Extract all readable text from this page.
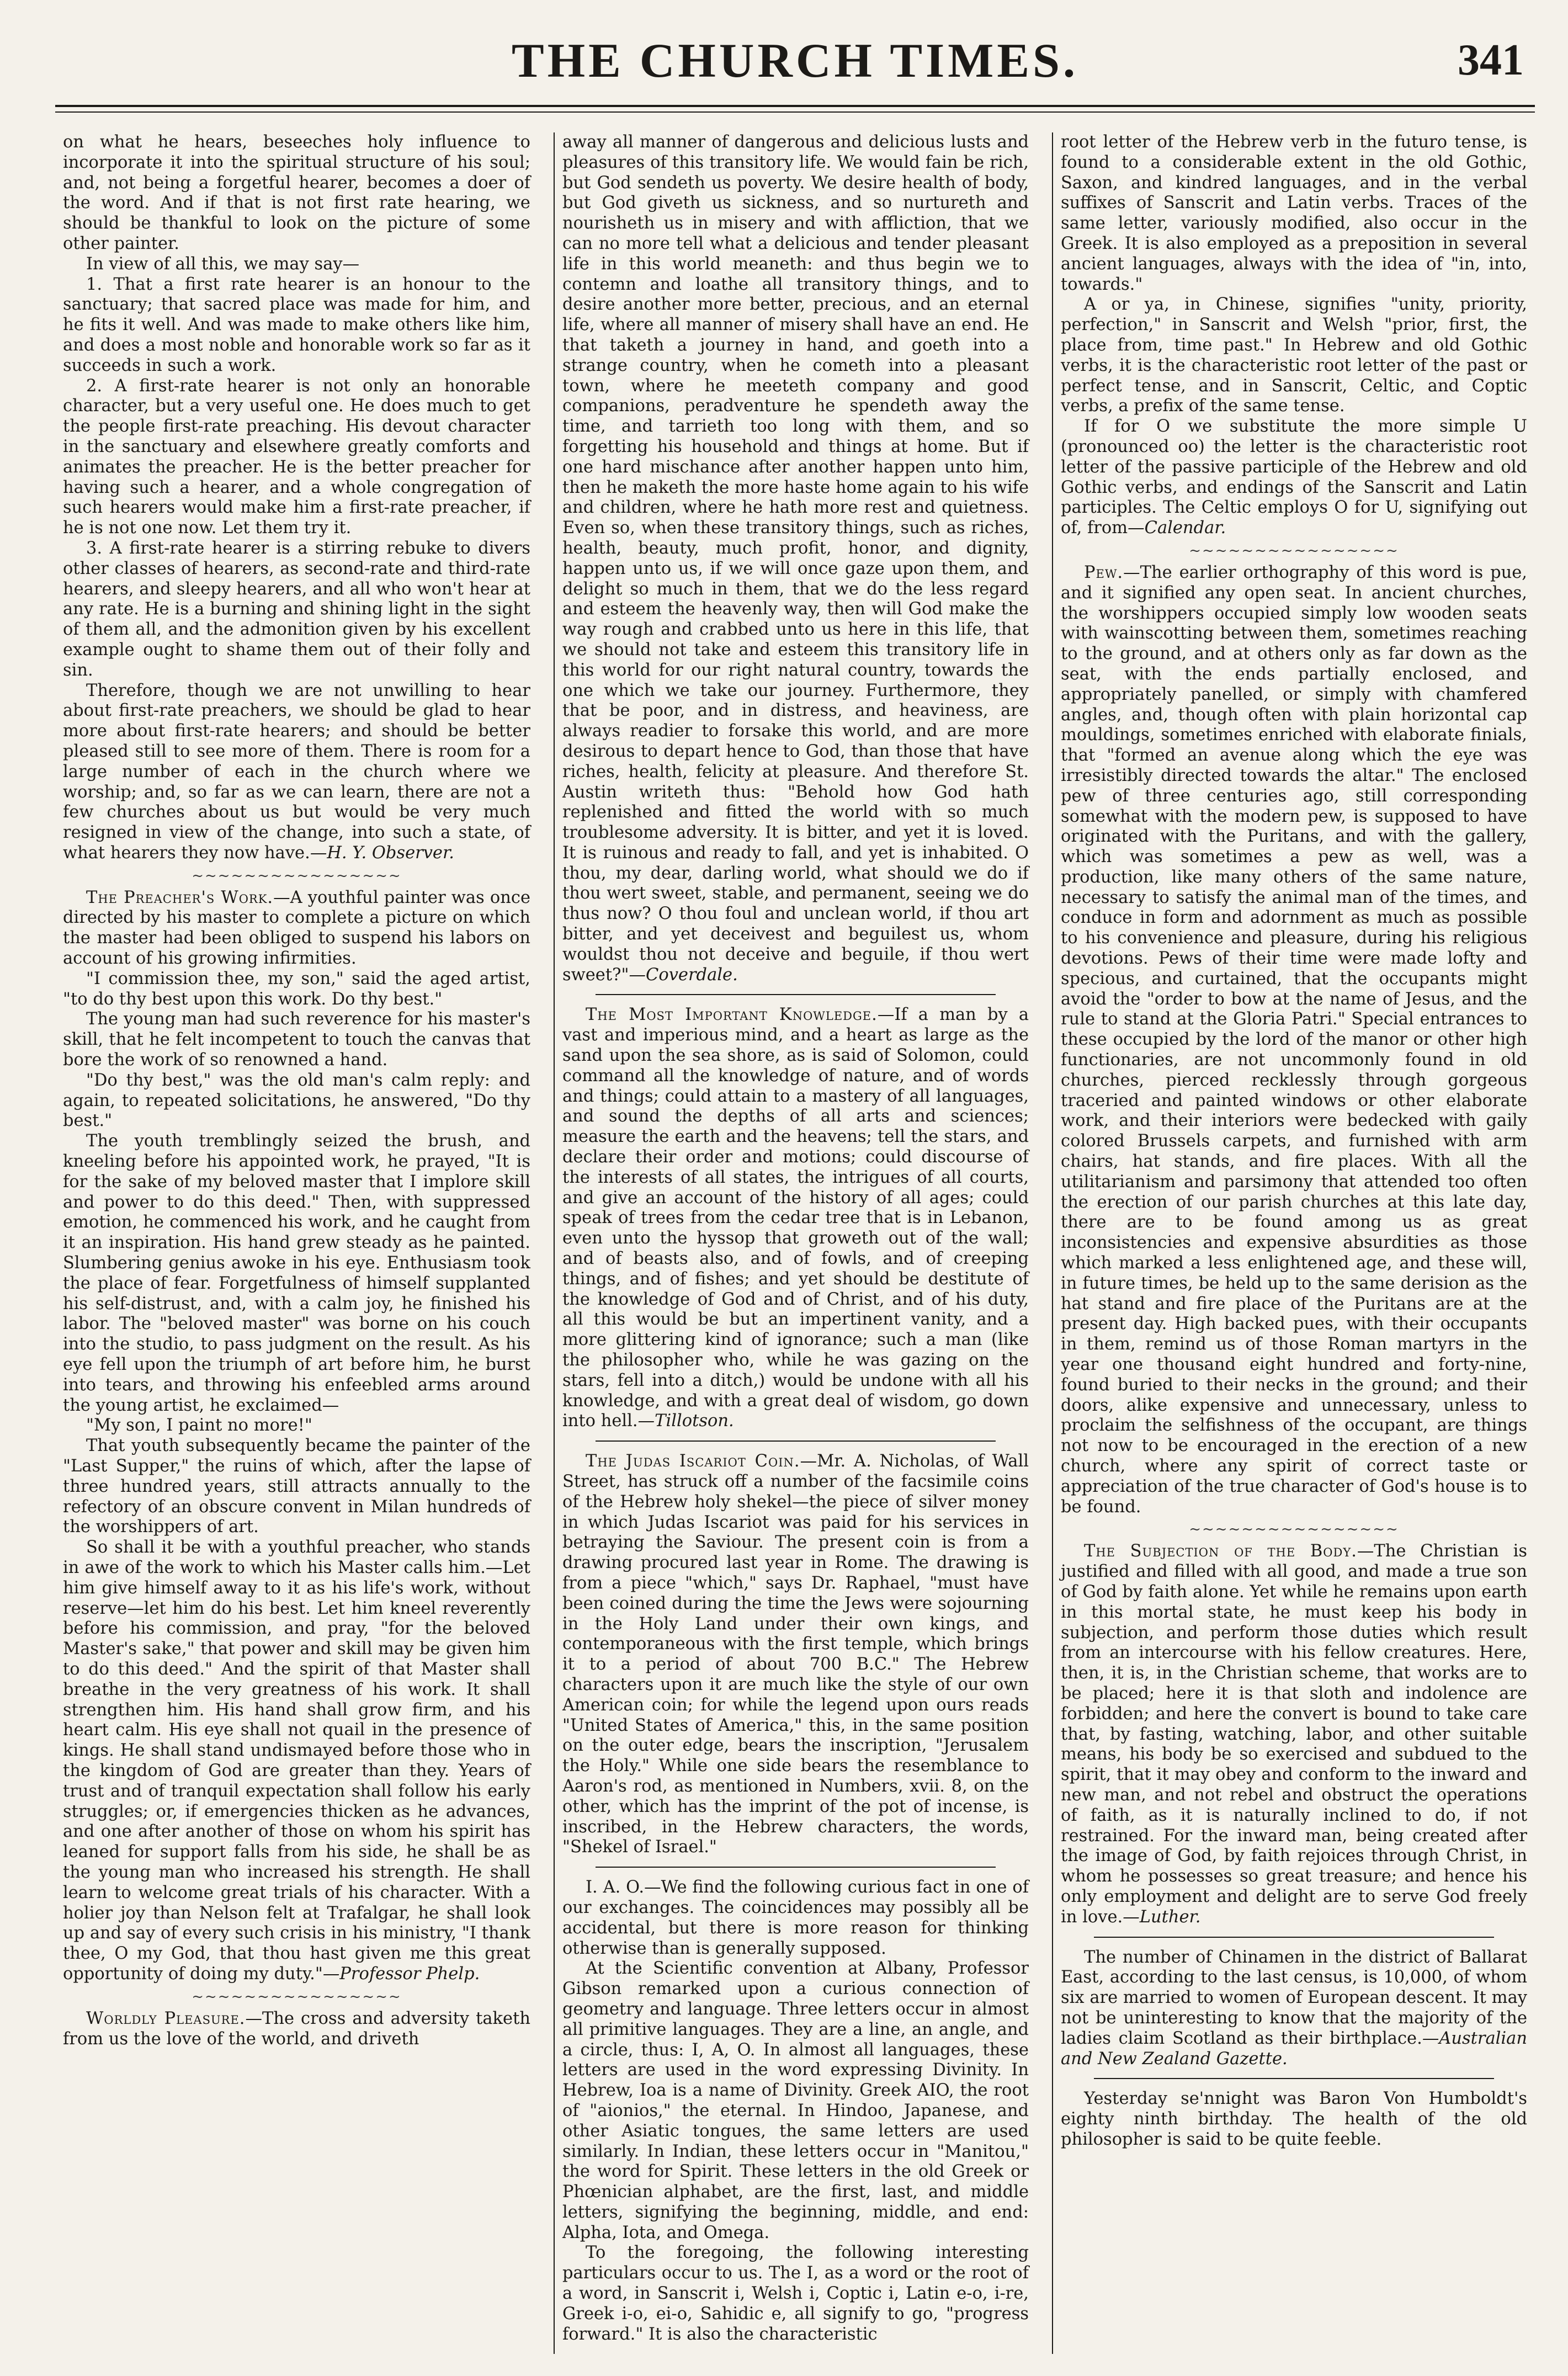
THE CHURCH TIMES.	341

on what he hears, beseeches holy influence to incorporate it into the spiritual structure of his soul; and, not being a forgetful hearer, becomes a doer of the word. And if that is not first rate hearing, we should be thankful to look on the picture of some other painter.

In view of all this, we may say—

1. That a first rate hearer is an honour to the sanctuary; that sacred place was made for him, and he fits it well. And was made to make others like him, and does a most noble and honorable work so far as it succeeds in such a work.

2. A first-rate hearer is not only an honorable character, but a very useful one. He does much to get the people first-rate preaching. His devout character in the sanctuary and elsewhere greatly comforts and animates the preacher. He is the better preacher for having such a hearer, and a whole congregation of such hearers would make him a first-rate preacher, if he is not one now. Let them try it.

3. A first-rate hearer is a stirring rebuke to divers other classes of hearers, as second-rate and third-rate hearers, and sleepy hearers, and all who won't hear at any rate. He is a burning and shining light in the sight of them all, and the admonition given by his excellent example ought to shame them out of their folly and sin.

Therefore, though we are not unwilling to hear about first-rate preachers, we should be glad to hear more about first-rate hearers; and should be better pleased still to see more of them. There is room for a large number of each in the church where we worship; and, so far as we can learn, there are not a few churches about us but would be very much resigned in view of the change, into such a state, of what hearers they now have.—H. Y. Observer.

~~~~~~~~~~~~~~~~

The Preacher's Work.—A youthful painter was once directed by his master to complete a picture on which the master had been obliged to suspend his labors on account of his growing infirmities.

"I commission thee, my son," said the aged artist, "to do thy best upon this work. Do thy best."

The young man had such reverence for his master's skill, that he felt incompetent to touch the canvas that bore the work of so renowned a hand.

"Do thy best," was the old man's calm reply: and again, to repeated solicitations, he answered, "Do thy best."

The youth tremblingly seized the brush, and kneeling before his appointed work, he prayed, "It is for the sake of my beloved master that I implore skill and power to do this deed." Then, with suppressed emotion, he commenced his work, and he caught from it an inspiration. His hand grew steady as he painted. Slumbering genius awoke in his eye. Enthusiasm took the place of fear. Forgetfulness of himself supplanted his self-distrust, and, with a calm joy, he finished his labor. The "beloved master" was borne on his couch into the studio, to pass judgment on the result. As his eye fell upon the triumph of art before him, he burst into tears, and throwing his enfeebled arms around the young artist, he exclaimed—

"My son, I paint no more!"

That youth subsequently became the painter of the "Last Supper," the ruins of which, after the lapse of three hundred years, still attracts annually to the refectory of an obscure convent in Milan hundreds of the worshippers of art.

So shall it be with a youthful preacher, who stands in awe of the work to which his Master calls him.—Let him give himself away to it as his life's work, without reserve—let him do his best. Let him kneel reverently before his commission, and pray, "for the beloved Master's sake," that power and skill may be given him to do this deed." And the spirit of that Master shall breathe in the very greatness of his work. It shall strengthen him. His hand shall grow firm, and his heart calm. His eye shall not quail in the presence of kings. He shall stand undismayed before those who in the kingdom of God are greater than they. Years of trust and of tranquil expectation shall follow his early struggles; or, if emergencies thicken as he advances, and one after another of those on whom his spirit has leaned for support falls from his side, he shall be as the young man who increased his strength. He shall learn to welcome great trials of his character. With a holier joy than Nelson felt at Trafalgar, he shall look up and say of every such crisis in his ministry, "I thank thee, O my God, that thou hast given me this great opportunity of doing my duty."—Professor Phelp.

~~~~~~~~~~~~~~~~

Worldly Pleasure.—The cross and adversity taketh from us the love of the world, and driveth

away all manner of dangerous and delicious lusts and pleasures of this transitory life. We would fain be rich, but God sendeth us poverty. We desire health of body, but God giveth us sickness, and so nurtureth and nourisheth us in misery and with affliction, that we can no more tell what a delicious and tender pleasant life in this world meaneth: and thus begin we to contemn and loathe all transitory things, and to desire another more better, precious, and an eternal life, where all manner of misery shall have an end. He that taketh a journey in hand, and goeth into a strange country, when he cometh into a pleasant town, where he meeteth company and good companions, peradventure he spendeth away the time, and tarrieth too long with them, and so forgetting his household and things at home. But if one hard mischance after another happen unto him, then he maketh the more haste home again to his wife and children, where he hath more rest and quietness. Even so, when these transitory things, such as riches, health, beauty, much profit, honor, and dignity, happen unto us, if we will once gaze upon them, and delight so much in them, that we do the less regard and esteem the heavenly way, then will God make the way rough and crabbed unto us here in this life, that we should not take and esteem this transitory life in this world for our right natural country, towards the one which we take our journey. Furthermore, they that be poor, and in distress, and heaviness, are always readier to forsake this world, and are more desirous to depart hence to God, than those that have riches, health, felicity at pleasure. And therefore St. Austin writeth thus: "Behold how God hath replenished and fitted the world with so much troublesome adversity. It is bitter, and yet it is loved. It is ruinous and ready to fall, and yet is inhabited. O thou, my dear, darling world, what should we do if thou wert sweet, stable, and permanent, seeing we do thus now? O thou foul and unclean world, if thou art bitter, and yet deceivest and beguilest us, whom wouldst thou not deceive and beguile, if thou wert sweet?"—Coverdale.

The Most Important Knowledge.—If a man by a vast and imperious mind, and a heart as large as the sand upon the sea shore, as is said of Solomon, could command all the knowledge of nature, and of words and things; could attain to a mastery of all languages, and sound the depths of all arts and sciences; measure the earth and the heavens; tell the stars, and declare their order and motions; could discourse of the interests of all states, the intrigues of all courts, and give an account of the history of all ages; could speak of trees from the cedar tree that is in Lebanon, even unto the hyssop that groweth out of the wall; and of beasts also, and of fowls, and of creeping things, and of fishes; and yet should be destitute of the knowledge of God and of Christ, and of his duty, all this would be but an impertinent vanity, and a more glittering kind of ignorance; such a man (like the philosopher who, while he was gazing on the stars, fell into a ditch,) would be undone with all his knowledge, and with a great deal of wisdom, go down into hell.—Tillotson.

The Judas Iscariot Coin.—Mr. A. Nicholas, of Wall Street, has struck off a number of the facsimile coins of the Hebrew holy shekel—the piece of silver money in which Judas Iscariot was paid for his services in betraying the Saviour. The present coin is from a drawing procured last year in Rome. The drawing is from a piece "which," says Dr. Raphael, "must have been coined during the time the Jews were sojourning in the Holy Land under their own kings, and contemporaneous with the first temple, which brings it to a period of about 700 B.C." The Hebrew characters upon it are much like the style of our own American coin; for while the legend upon ours reads "United States of America," this, in the same position on the outer edge, bears the inscription, "Jerusalem the Holy." While one side bears the resemblance to Aaron's rod, as mentioned in Numbers, xvii. 8, on the other, which has the imprint of the pot of incense, is inscribed, in the Hebrew characters, the words, "Shekel of Israel."

I. A. O.—We find the following curious fact in one of our exchanges. The coincidences may possibly all be accidental, but there is more reason for thinking otherwise than is generally supposed.

At the Scientific convention at Albany, Professor Gibson remarked upon a curious connection of geometry and language. Three letters occur in almost all primitive languages. They are a line, an angle, and a circle, thus: I, A, O. In almost all languages, these letters are used in the word expressing Divinity. In Hebrew, Ioa is a name of Divinity. Greek AIO, the root of "aionios," the eternal. In Hindoo, Japanese, and other Asiatic tongues, the same letters are used similarly. In Indian, these letters occur in "Manitou," the word for Spirit. These letters in the old Greek or Phœnician alphabet, are the first, last, and middle letters, signifying the beginning, middle, and end: Alpha, Iota, and Omega.

To the foregoing, the following interesting particulars occur to us. The I, as a word or the root of a word, in Sanscrit i, Welsh i, Coptic i, Latin e-o, i-re, Greek i-o, ei-o, Sahidic e, all signify to go, "progress forward." It is also the characteristic

root letter of the Hebrew verb in the futuro tense, is found to a considerable extent in the old Gothic, Saxon, and kindred languages, and in the verbal suffixes of Sanscrit and Latin verbs. Traces of the same letter, variously modified, also occur in the Greek. It is also employed as a preposition in several ancient languages, always with the idea of "in, into, towards."

A or ya, in Chinese, signifies "unity, priority, perfection," in Sanscrit and Welsh "prior, first, the place from, time past." In Hebrew and old Gothic verbs, it is the characteristic root letter of the past or perfect tense, and in Sanscrit, Celtic, and Coptic verbs, a prefix of the same tense.

If for O we substitute the more simple U (pronounced oo) the letter is the characteristic root letter of the passive participle of the Hebrew and old Gothic verbs, and endings of the Sanscrit and Latin participles. The Celtic employs O for U, signifying out of, from—Calendar.

~~~~~~~~~~~~~~~~

Pew.—The earlier orthography of this word is pue, and it signified any open seat. In ancient churches, the worshippers occupied simply low wooden seats with wainscotting between them, sometimes reaching to the ground, and at others only as far down as the seat, with the ends partially enclosed, and appropriately panelled, or simply with chamfered angles, and, though often with plain horizontal cap mouldings, sometimes enriched with elaborate finials, that "formed an avenue along which the eye was irresistibly directed towards the altar." The enclosed pew of three centuries ago, still corresponding somewhat with the modern pew, is supposed to have originated with the Puritans, and with the gallery, which was sometimes a pew as well, was a production, like many others of the same nature, necessary to satisfy the animal man of the times, and conduce in form and adornment as much as possible to his convenience and pleasure, during his religious devotions. Pews of their time were made lofty and specious, and curtained, that the occupants might avoid the "order to bow at the name of Jesus, and the rule to stand at the Gloria Patri." Special entrances to these occupied by the lord of the manor or other high functionaries, are not uncommonly found in old churches, pierced recklessly through gorgeous traceried and painted windows or other elaborate work, and their interiors were bedecked with gaily colored Brussels carpets, and furnished with arm chairs, hat stands, and fire places. With all the utilitarianism and parsimony that attended too often the erection of our parish churches at this late day, there are to be found among us as great inconsistencies and expensive absurdities as those which marked a less enlightened age, and these will, in future times, be held up to the same derision as the hat stand and fire place of the Puritans are at the present day. High backed pues, with their occupants in them, remind us of those Roman martyrs in the year one thousand eight hundred and forty-nine, found buried to their necks in the ground; and their doors, alike expensive and unnecessary, unless to proclaim the selfishness of the occupant, are things not now to be encouraged in the erection of a new church, where any spirit of correct taste or appreciation of the true character of God's house is to be found.

~~~~~~~~~~~~~~~~

The Subjection of the Body.—The Christian is justified and filled with all good, and made a true son of God by faith alone. Yet while he remains upon earth in this mortal state, he must keep his body in subjection, and perform those duties which result from an intercourse with his fellow creatures. Here, then, it is, in the Christian scheme, that works are to be placed; here it is that sloth and indolence are forbidden; and here the convert is bound to take care that, by fasting, watching, labor, and other suitable means, his body be so exercised and subdued to the spirit, that it may obey and conform to the inward and new man, and not rebel and obstruct the operations of faith, as it is naturally inclined to do, if not restrained. For the inward man, being created after the image of God, by faith rejoices through Christ, in whom he possesses so great treasure; and hence his only employment and delight are to serve God freely in love.—Luther.

The number of Chinamen in the district of Ballarat East, according to the last census, is 10,000, of whom six are married to women of European descent. It may not be uninteresting to know that the majority of the ladies claim Scotland as their birthplace.—Australian and New Zealand Gazette.

Yesterday se'nnight was Baron Von Humboldt's eighty ninth birthday. The health of the old philosopher is said to be quite feeble.
